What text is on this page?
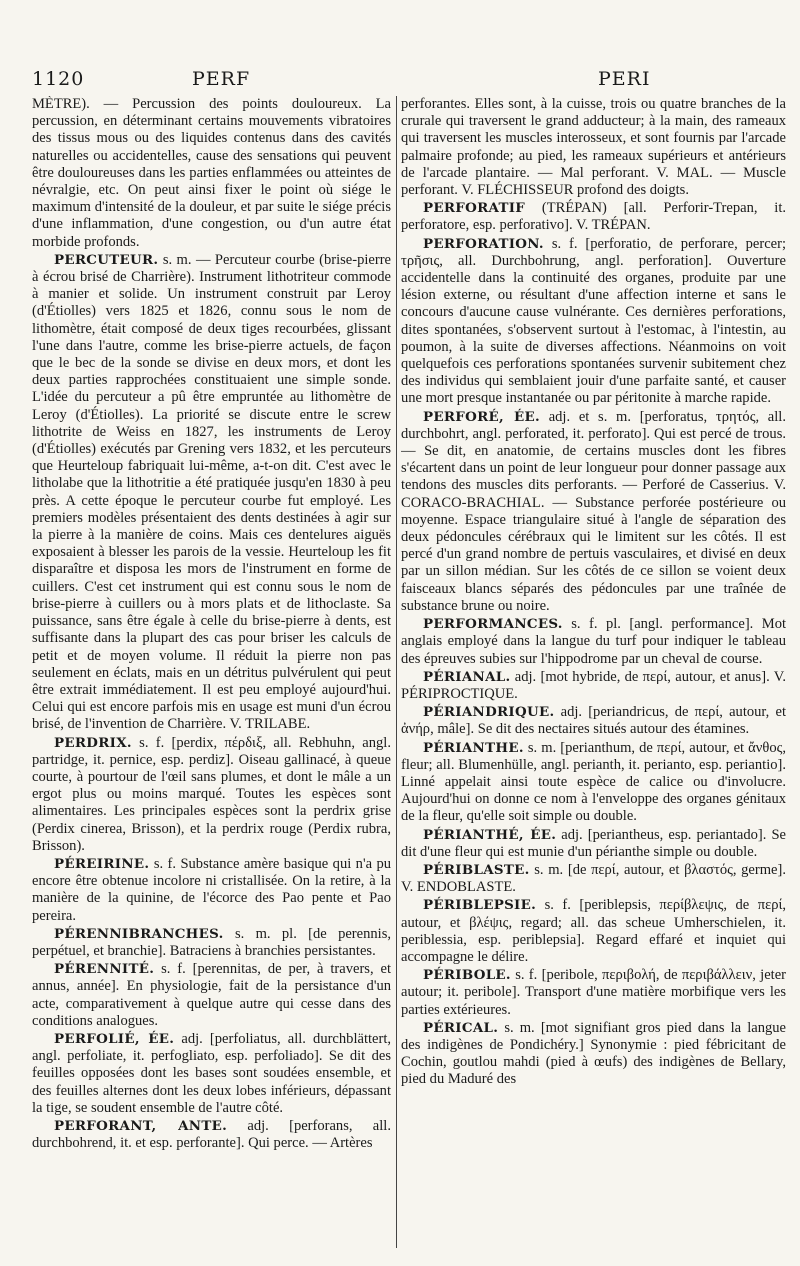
1120	PERF	PERI

MÈTRE). — Percussion des points douloureux. La percussion, en déterminant certains mouvements vibratoires des tissus mous ou des liquides contenus dans des cavités naturelles ou accidentelles, cause des sensations qui peuvent être douloureuses dans les parties enflammées ou atteintes de névralgie, etc. On peut ainsi fixer le point où siége le maximum d'intensité de la douleur, et par suite le siége précis d'une inflammation, d'une congestion, ou d'un autre état morbide profonds.

PERCUTEUR. s. m. — Percuteur courbe (brise-pierre à écrou brisé de Charrière). Instrument lithotriteur commode à manier et solide. Un instrument construit par Leroy (d'Étiolles) vers 1825 et 1826, connu sous le nom de lithomètre, était composé de deux tiges recourbées, glissant l'une dans l'autre, comme les brise-pierre actuels, de façon que le bec de la sonde se divise en deux mors, et dont les deux parties rapprochées constituaient une simple sonde. L'idée du percuteur a pû être empruntée au lithomètre de Leroy (d'Étiolles). La priorité se discute entre le screw lithotrite de Weiss en 1827, les instruments de Leroy (d'Étiolles) exécutés par Grening vers 1832, et les percuteurs que Heurteloup fabriquait lui-même, a-t-on dit. C'est avec le litholabe que la lithotritie a été pratiquée jusqu'en 1830 à peu près. A cette époque le percuteur courbe fut employé. Les premiers modèles présentaient des dents destinées à agir sur la pierre à la manière de coins. Mais ces dentelures aiguës exposaient à blesser les parois de la vessie. Heurteloup les fit disparaître et disposa les mors de l'instrument en forme de cuillers. C'est cet instrument qui est connu sous le nom de brise-pierre à cuillers ou à mors plats et de lithoclaste. Sa puissance, sans être égale à celle du brise-pierre à dents, est suffisante dans la plupart des cas pour briser les calculs de petit et de moyen volume. Il réduit la pierre non pas seulement en éclats, mais en un détritus pulvérulent qui peut être extrait immédiatement. Il est peu employé aujourd'hui. Celui qui est encore parfois mis en usage est muni d'un écrou brisé, de l'invention de Charrière. V. TRILABE.

PERDRIX. s. f. [perdix, πέρδιξ, all. Rebhuhn, angl. partridge, it. pernice, esp. perdiz]. Oiseau gallinacé, à queue courte, à pourtour de l'œil sans plumes, et dont le mâle a un ergot plus ou moins marqué. Toutes les espèces sont alimentaires. Les principales espèces sont la perdrix grise (Perdix cinerea, Brisson), et la perdrix rouge (Perdix rubra, Brisson).

PÉREIRINE. s. f. Substance amère basique qui n'a pu encore être obtenue incolore ni cristallisée. On la retire, à la manière de la quinine, de l'écorce des Pao pente et Pao pereira.

PÉRENNIBRANCHES. s. m. pl. [de perennis, perpétuel, et branchie]. Batraciens à branchies persistantes.

PÉRENNITÉ. s. f. [perennitas, de per, à travers, et annus, année]. En physiologie, fait de la persistance d'un acte, comparativement à quelque autre qui cesse dans des conditions analogues.

PERFOLIÉ, ÉE. adj. [perfoliatus, all. durchblättert, angl. perfoliate, it. perfogliato, esp. perfoliado]. Se dit des feuilles opposées dont les bases sont soudées ensemble, et des feuilles alternes dont les deux lobes inférieurs, dépassant la tige, se soudent ensemble de l'autre côté.

PERFORANT, ANTE. adj. [perforans, all. durchbohrend, it. et esp. perforante]. Qui perce. — Artères

perforantes. Elles sont, à la cuisse, trois ou quatre branches de la crurale qui traversent le grand adducteur; à la main, des rameaux qui traversent les muscles interosseux, et sont fournis par l'arcade palmaire profonde; au pied, les rameaux supérieurs et antérieurs de l'arcade plantaire. — Mal perforant. V. MAL. — Muscle perforant. V. FLÉCHISSEUR profond des doigts.

PERFORATIF (TRÉPAN) [all. Perforir-Trepan, it. perforatore, esp. perforativo]. V. TRÉPAN.

PERFORATION. s. f. [perforatio, de perforare, percer; τρῆσις, all. Durchbohrung, angl. perforation]. Ouverture accidentelle dans la continuité des organes, produite par une lésion externe, ou résultant d'une affection interne et sans le concours d'aucune cause vulnérante. Ces dernières perforations, dites spontanées, s'observent surtout à l'estomac, à l'intestin, au poumon, à la suite de diverses affections. Néanmoins on voit quelquefois ces perforations spontanées survenir subitement chez des individus qui semblaient jouir d'une parfaite santé, et causer une mort presque instantanée ou par péritonite à marche rapide.

PERFORÉ, ÉE. adj. et s. m. [perforatus, τρητός, all. durchbohrt, angl. perforated, it. perforato]. Qui est percé de trous. — Se dit, en anatomie, de certains muscles dont les fibres s'écartent dans un point de leur longueur pour donner passage aux tendons des muscles dits perforants. — Perforé de Casserius. V. CORACO-BRACHIAL. — Substance perforée postérieure ou moyenne. Espace triangulaire situé à l'angle de séparation des deux pédoncules cérébraux qui le limitent sur les côtés. Il est percé d'un grand nombre de pertuis vasculaires, et divisé en deux par un sillon médian. Sur les côtés de ce sillon se voient deux faisceaux blancs séparés des pédoncules par une traînée de substance brune ou noire.

PERFORMANCES. s. f. pl. [angl. performance]. Mot anglais employé dans la langue du turf pour indiquer le tableau des épreuves subies sur l'hippodrome par un cheval de course.

PÉRIANAL. adj. [mot hybride, de περί, autour, et anus]. V. PÉRIPROCTIQUE.

PÉRIANDRIQUE. adj. [periandricus, de περί, autour, et ἀνήρ, mâle]. Se dit des nectaires situés autour des étamines.

PÉRIANTHE. s. m. [perianthum, de περί, autour, et ἄνθος, fleur; all. Blumenhülle, angl. perianth, it. perianto, esp. periantio]. Linné appelait ainsi toute espèce de calice ou d'involucre. Aujourd'hui on donne ce nom à l'enveloppe des organes génitaux de la fleur, qu'elle soit simple ou double.

PÉRIANTHÉ, ÉE. adj. [periantheus, esp. periantado]. Se dit d'une fleur qui est munie d'un périanthe simple ou double.

PÉRIBLASTE. s. m. [de περί, autour, et βλαστός, germe]. V. ENDOBLASTE.

PÉRIBLEPSIE. s. f. [periblepsis, περίβλεψις, de περί, autour, et βλέψις, regard; all. das scheue Umherschielen, it. periblessia, esp. periblepsia]. Regard effaré et inquiet qui accompagne le délire.

PÉRIBOLE. s. f. [peribole, περιβολή, de περιβάλλειν, jeter autour; it. peribole]. Transport d'une matière morbifique vers les parties extérieures.

PÉRICAL. s. m. [mot signifiant gros pied dans la langue des indigènes de Pondichéry.] Synonymie : pied fébricitant de Cochin, goutlou mahdi (pied à œufs) des indigènes de Bellary, pied du Maduré des
